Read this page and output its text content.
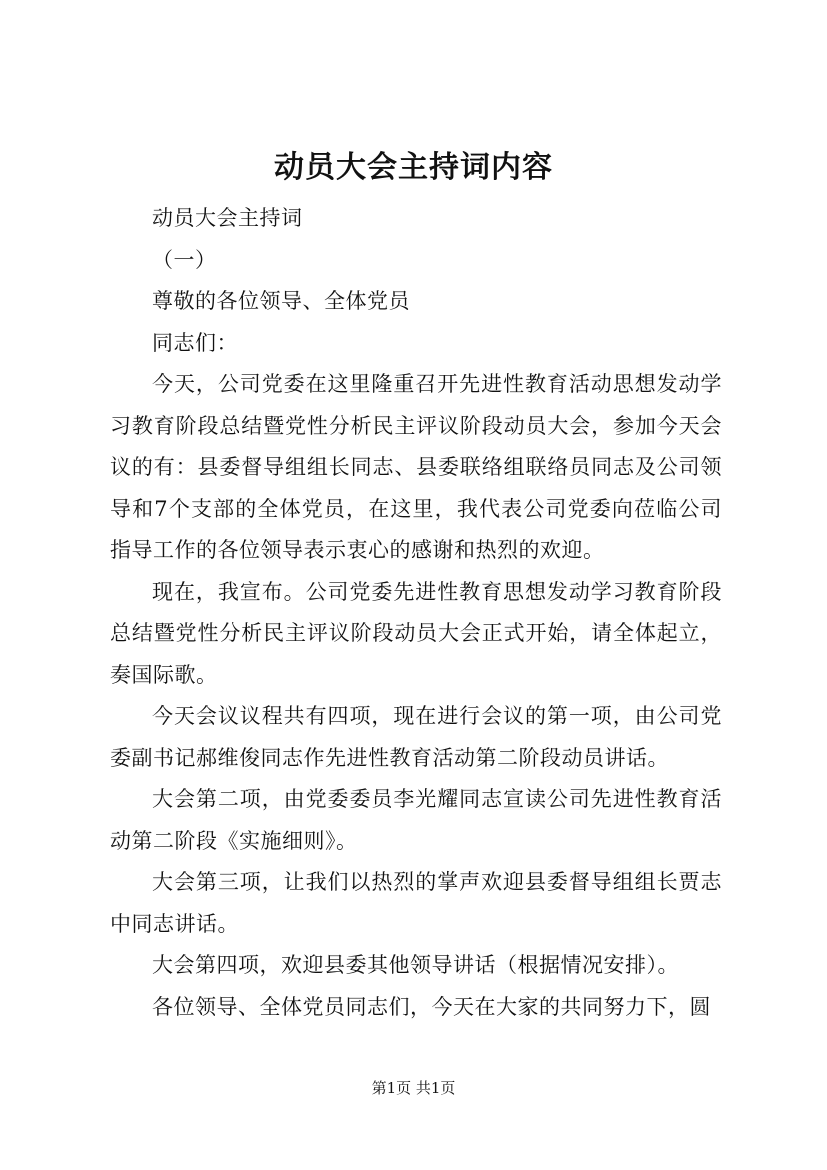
动员大会主持词内容

动员大会主持词

（一）

尊敬的各位领导、全体党员

同志们：

今天，公司党委在这里隆重召开先进性教育活动思想发动学习教育阶段总结暨党性分析民主评议阶段动员大会，参加今天会议的有：县委督导组组长同志、县委联络组联络员同志及公司领导和7个支部的全体党员，在这里，我代表公司党委向莅临公司指导工作的各位领导表示衷心的感谢和热烈的欢迎。

现在，我宣布。公司党委先进性教育思想发动学习教育阶段总结暨党性分析民主评议阶段动员大会正式开始，请全体起立，奏国际歌。

今天会议议程共有四项，现在进行会议的第一项，由公司党委副书记郝维俊同志作先进性教育活动第二阶段动员讲话。

大会第二项，由党委委员李光耀同志宣读公司先进性教育活动第二阶段《实施细则》。

大会第三项，让我们以热烈的掌声欢迎县委督导组组长贾志中同志讲话。

大会第四项，欢迎县委其他领导讲话（根据情况安排）。

各位领导、全体党员同志们，今天在大家的共同努力下，圆

第1页 共1页
